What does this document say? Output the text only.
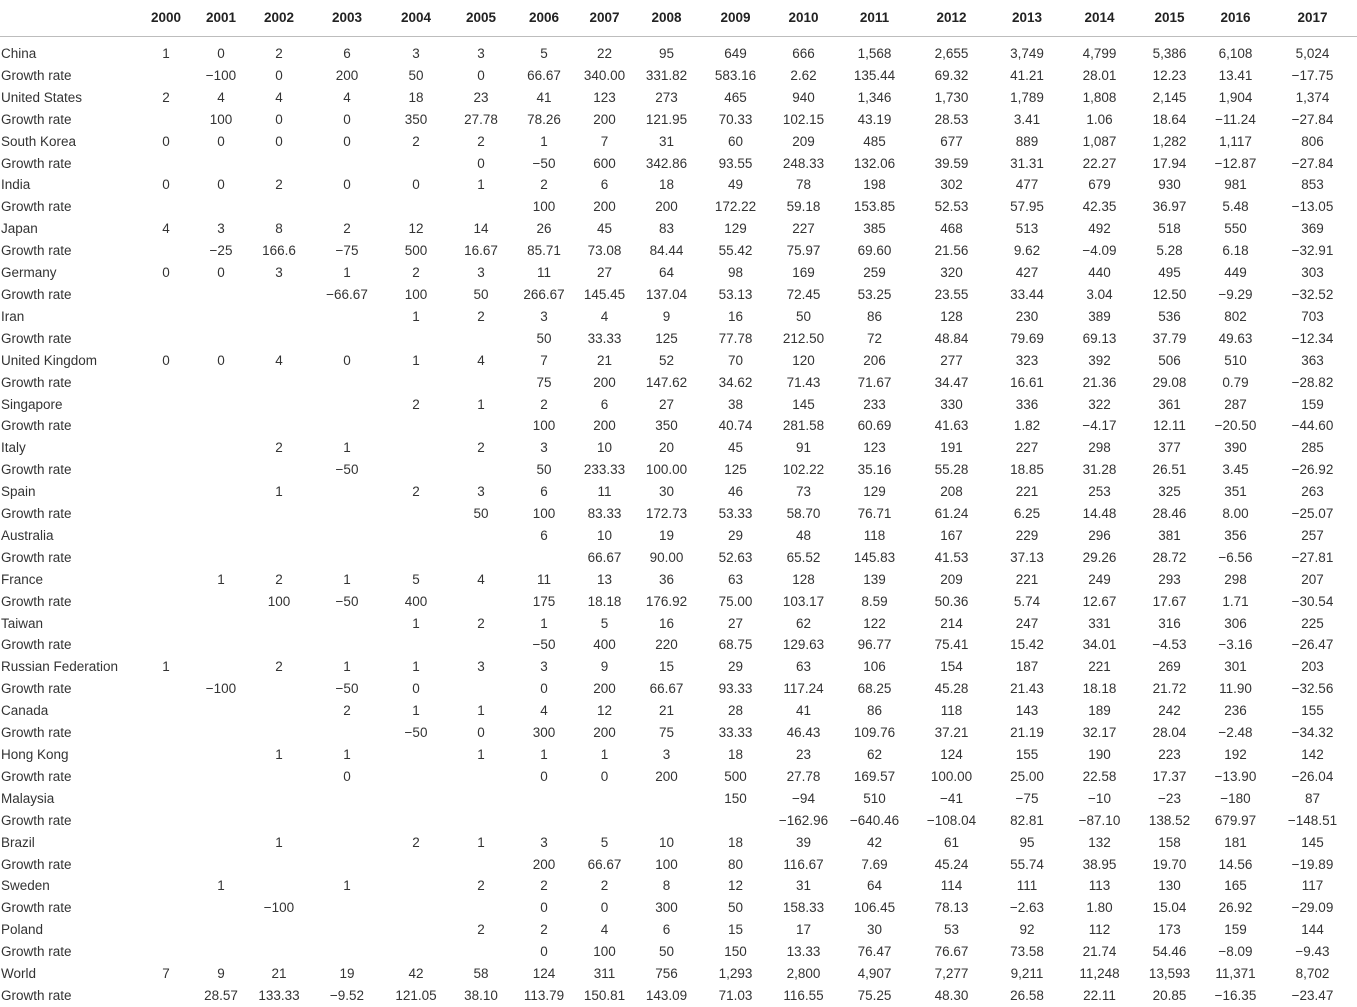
	2000	2001	2002	2003	2004	2005	2006	2007	2008	2009	2010	2011	2012	2013	2014	2015	2016	2017
China	1	0	2	6	3	3	5	22	95	649	666	1,568	2,655	3,749	4,799	5,386	6,108	5,024
Growth rate		−100	0	200	50	0	66.67	340.00	331.82	583.16	2.62	135.44	69.32	41.21	28.01	12.23	13.41	−17.75
United States	2	4	4	4	18	23	41	123	273	465	940	1,346	1,730	1,789	1,808	2,145	1,904	1,374
Growth rate		100	0	0	350	27.78	78.26	200	121.95	70.33	102.15	43.19	28.53	3.41	1.06	18.64	−11.24	−27.84
South Korea	0	0	0	0	2	2	1	7	31	60	209	485	677	889	1,087	1,282	1,117	806
Growth rate						0	−50	600	342.86	93.55	248.33	132.06	39.59	31.31	22.27	17.94	−12.87	−27.84
India	0	0	2	0	0	1	2	6	18	49	78	198	302	477	679	930	981	853
Growth rate							100	200	200	172.22	59.18	153.85	52.53	57.95	42.35	36.97	5.48	−13.05
Japan	4	3	8	2	12	14	26	45	83	129	227	385	468	513	492	518	550	369
Growth rate		−25	166.6	−75	500	16.67	85.71	73.08	84.44	55.42	75.97	69.60	21.56	9.62	−4.09	5.28	6.18	−32.91
Germany	0	0	3	1	2	3	11	27	64	98	169	259	320	427	440	495	449	303
Growth rate				−66.67	100	50	266.67	145.45	137.04	53.13	72.45	53.25	23.55	33.44	3.04	12.50	−9.29	−32.52
Iran					1	2	3	4	9	16	50	86	128	230	389	536	802	703
Growth rate							50	33.33	125	77.78	212.50	72	48.84	79.69	69.13	37.79	49.63	−12.34
United Kingdom	0	0	4	0	1	4	7	21	52	70	120	206	277	323	392	506	510	363
Growth rate							75	200	147.62	34.62	71.43	71.67	34.47	16.61	21.36	29.08	0.79	−28.82
Singapore					2	1	2	6	27	38	145	233	330	336	322	361	287	159
Growth rate							100	200	350	40.74	281.58	60.69	41.63	1.82	−4.17	12.11	−20.50	−44.60
Italy			2	1		2	3	10	20	45	91	123	191	227	298	377	390	285
Growth rate				−50			50	233.33	100.00	125	102.22	35.16	55.28	18.85	31.28	26.51	3.45	−26.92
Spain			1		2	3	6	11	30	46	73	129	208	221	253	325	351	263
Growth rate						50	100	83.33	172.73	53.33	58.70	76.71	61.24	6.25	14.48	28.46	8.00	−25.07
Australia							6	10	19	29	48	118	167	229	296	381	356	257
Growth rate								66.67	90.00	52.63	65.52	145.83	41.53	37.13	29.26	28.72	−6.56	−27.81
France		1	2	1	5	4	11	13	36	63	128	139	209	221	249	293	298	207
Growth rate			100	−50	400		175	18.18	176.92	75.00	103.17	8.59	50.36	5.74	12.67	17.67	1.71	−30.54
Taiwan					1	2	1	5	16	27	62	122	214	247	331	316	306	225
Growth rate							−50	400	220	68.75	129.63	96.77	75.41	15.42	34.01	−4.53	−3.16	−26.47
Russian Federation	1		2	1	1	3	3	9	15	29	63	106	154	187	221	269	301	203
Growth rate		−100		−50	0		0	200	66.67	93.33	117.24	68.25	45.28	21.43	18.18	21.72	11.90	−32.56
Canada				2	1	1	4	12	21	28	41	86	118	143	189	242	236	155
Growth rate					−50	0	300	200	75	33.33	46.43	109.76	37.21	21.19	32.17	28.04	−2.48	−34.32
Hong Kong			1	1		1	1	1	3	18	23	62	124	155	190	223	192	142
Growth rate				0			0	0	200	500	27.78	169.57	100.00	25.00	22.58	17.37	−13.90	−26.04
Malaysia										150	−94	510	−41	−75	−10	−23	−180	87
Growth rate											−162.96	−640.46	−108.04	82.81	−87.10	138.52	679.97	−148.51
Brazil			1		2	1	3	5	10	18	39	42	61	95	132	158	181	145
Growth rate							200	66.67	100	80	116.67	7.69	45.24	55.74	38.95	19.70	14.56	−19.89
Sweden		1		1		2	2	2	8	12	31	64	114	111	113	130	165	117
Growth rate			−100				0	0	300	50	158.33	106.45	78.13	−2.63	1.80	15.04	26.92	−29.09
Poland						2	2	4	6	15	17	30	53	92	112	173	159	144
Growth rate							0	100	50	150	13.33	76.47	76.67	73.58	21.74	54.46	−8.09	−9.43
World	7	9	21	19	42	58	124	311	756	1,293	2,800	4,907	7,277	9,211	11,248	13,593	11,371	8,702
Growth rate		28.57	133.33	−9.52	121.05	38.10	113.79	150.81	143.09	71.03	116.55	75.25	48.30	26.58	22.11	20.85	−16.35	−23.47
